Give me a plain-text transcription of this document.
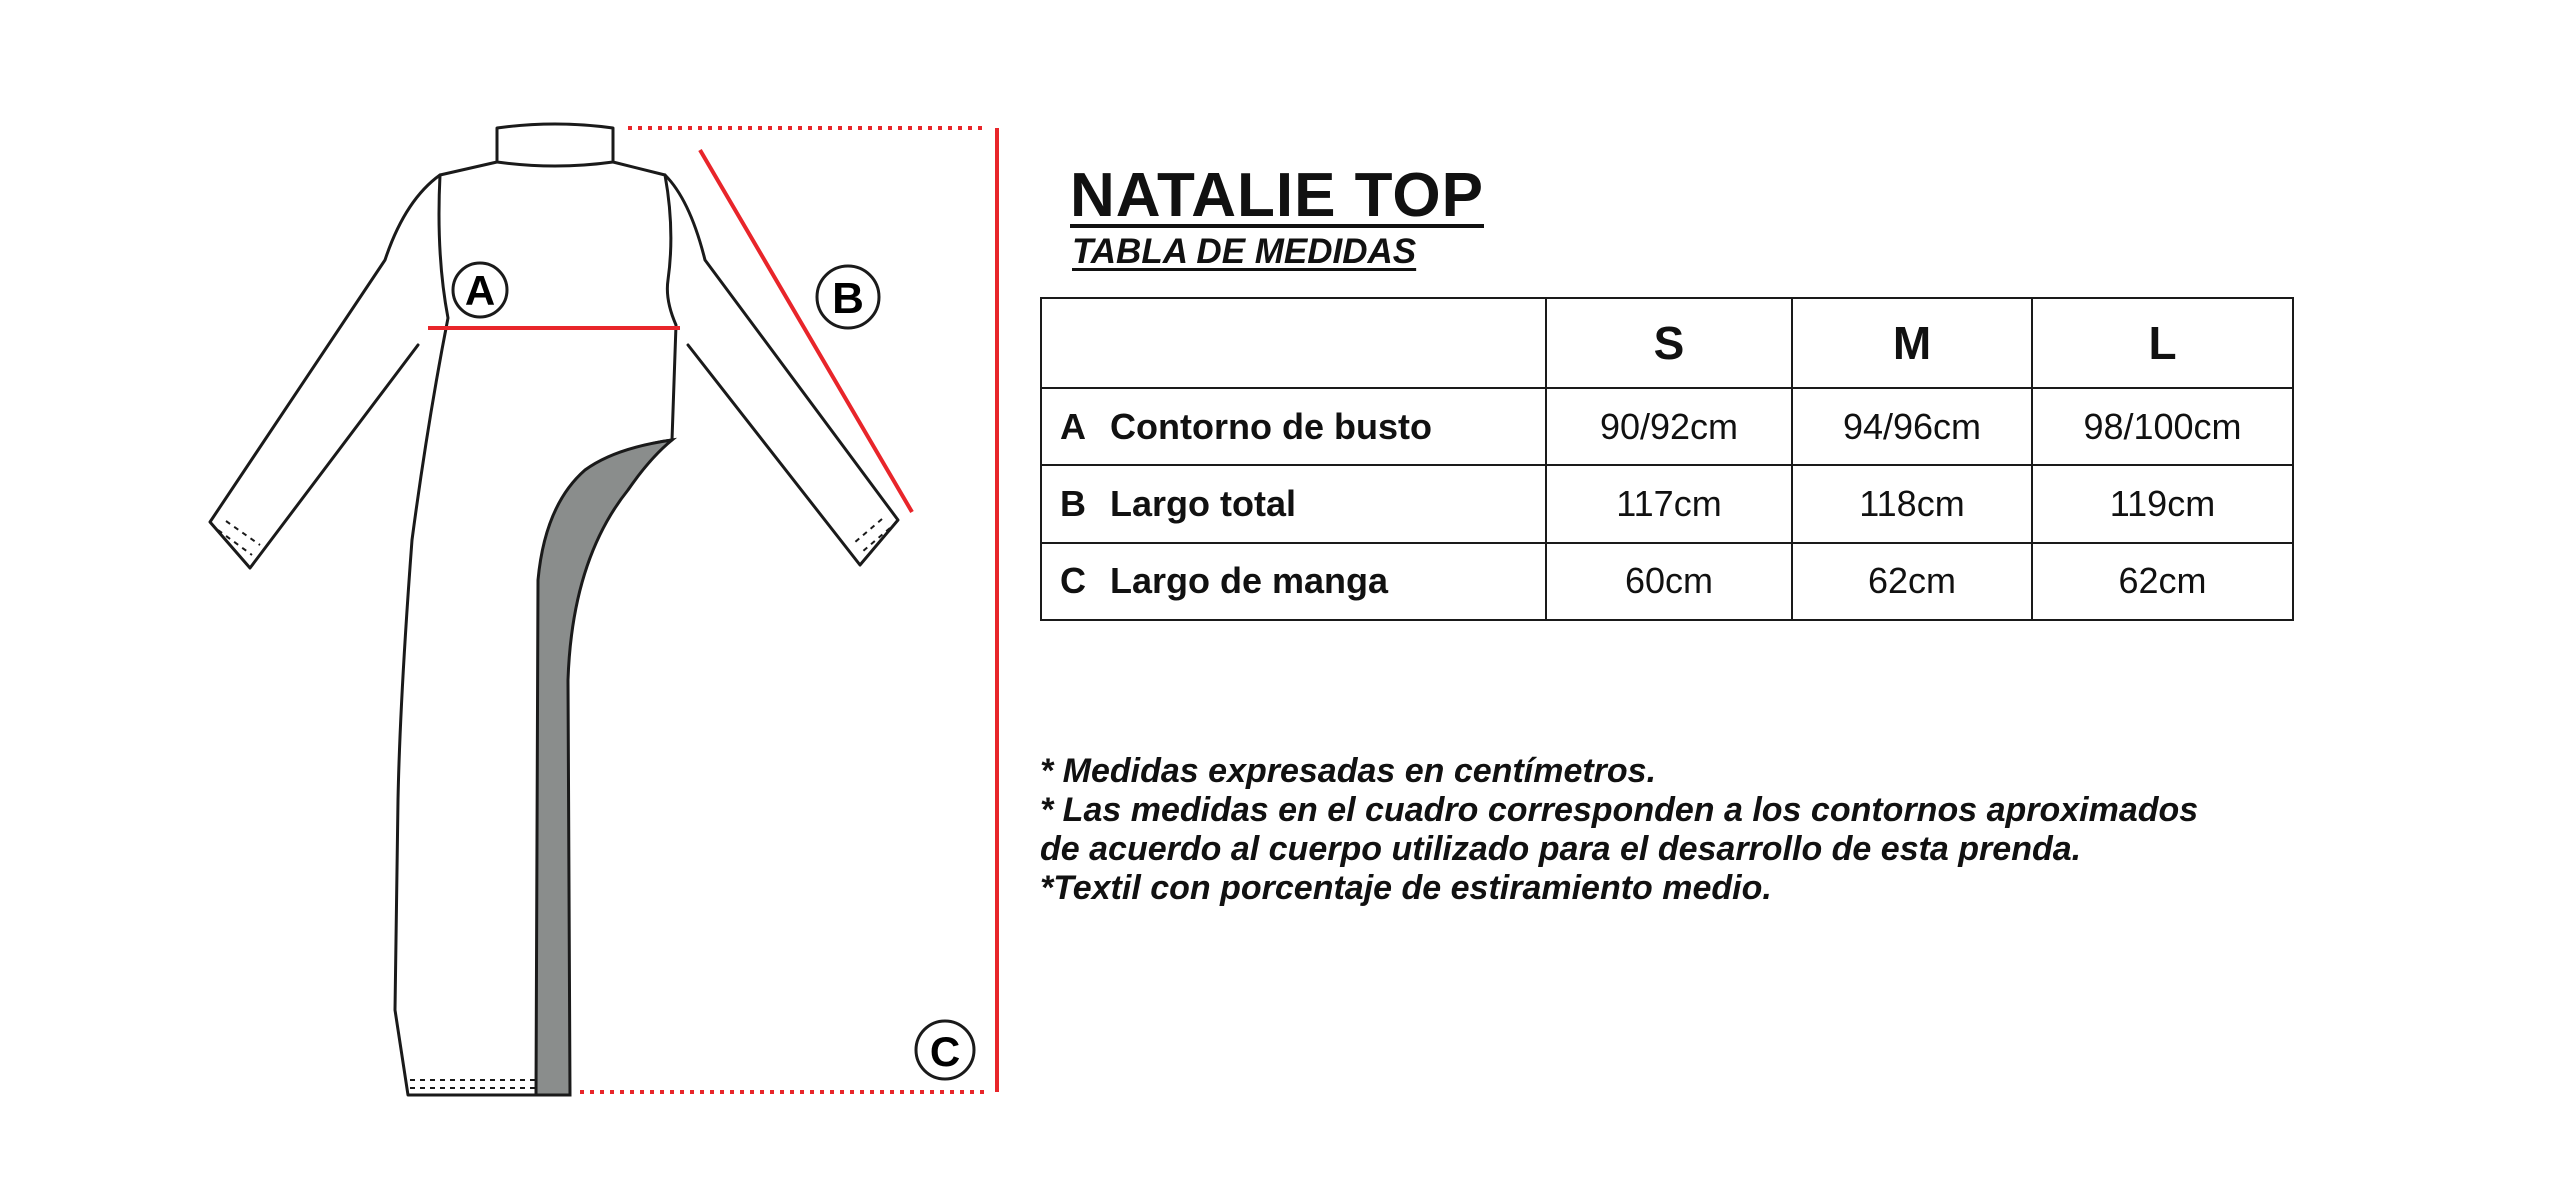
A	B
C
NATALIE TOP
TABLA DE MEDIDAS
	S	M	L
A Contorno de busto	90/92cm	94/96cm	98/100cm
B Largo total	117cm	118cm	119cm
C Largo de manga	60cm	62cm	62cm

* Medidas expresadas en centímetros.

* Las medidas en el cuadro corresponden a los contornos aproximados de acuerdo al cuerpo utilizado para el desarrollo de esta prenda.

*Textil con porcentaje de estiramiento medio.
